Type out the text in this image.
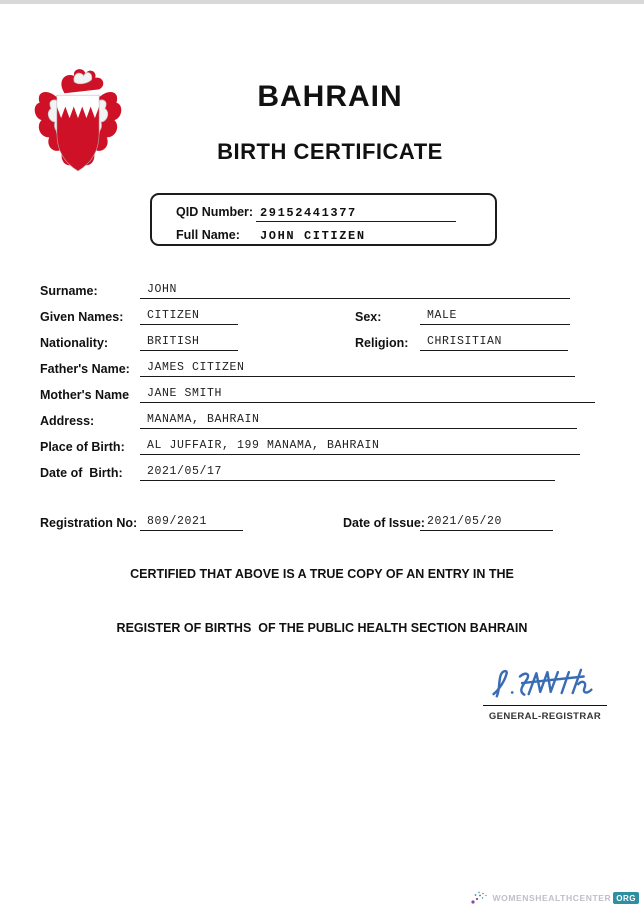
BAHRAIN
BIRTH CERTIFICATE
QID Number: 29152441377
Full Name:	JOHN CITIZEN
Surname:	JOHN
Given Names:	CITIZEN	Sex:	MALE
Nationality:	BRITISH	Religion:	CHRISITIAN
Father's Name:	JAMES CITIZEN
Mother's Name	JANE SMITH
Address:	MANAMA, BAHRAIN
Place of Birth:	AL JUFFAIR, 199 MANAMA, BAHRAIN
Date of  Birth:	2021/05/17
Registration No: 809/2021	Date of Issue: 2021/05/20
CERTIFIED THAT ABOVE IS A TRUE COPY OF AN ENTRY IN THE
REGISTER OF BIRTHS  OF THE PUBLIC HEALTH SECTION BAHRAIN
GENERAL-REGISTRAR
WOMENSHEALTHCENTER ORG
